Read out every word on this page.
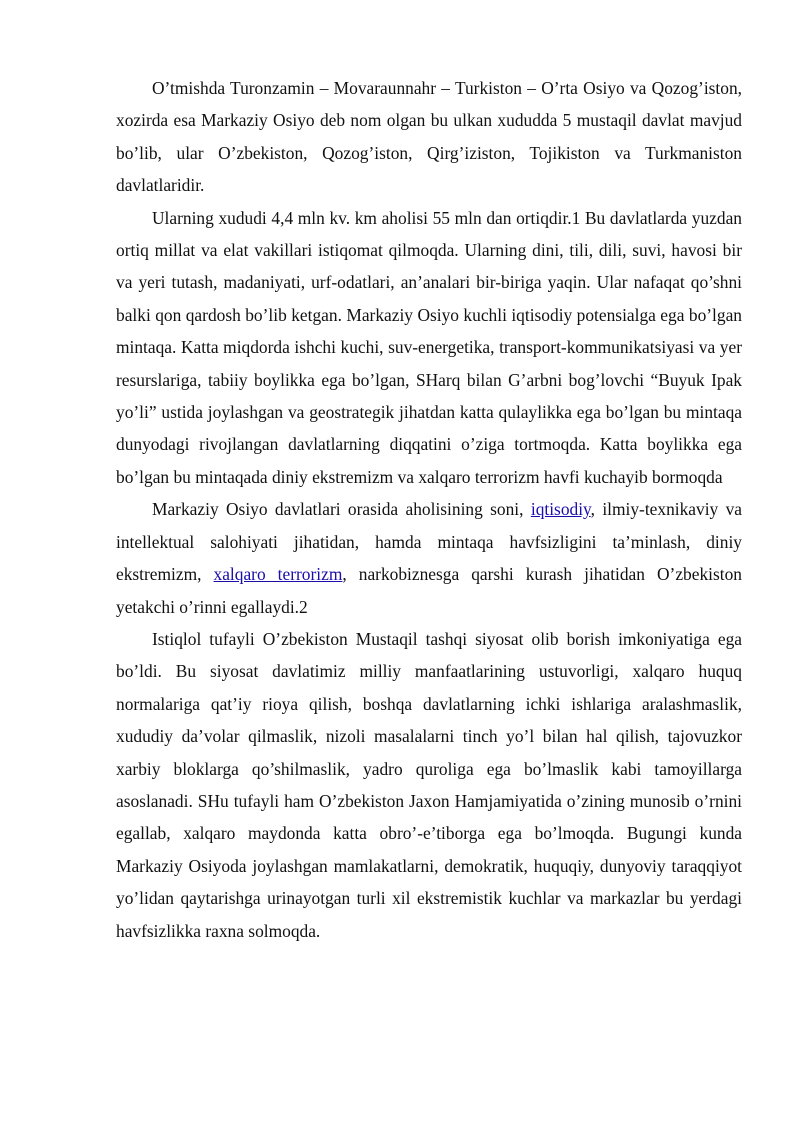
O’tmishda Turonzamin – Movaraunnahr – Turkiston – O’rta Osiyo va Qozog’iston, xozirda esa Markaziy Osiyo deb nom olgan bu ulkan xududda 5 mustaqil davlat mavjud bo’lib, ular O’zbekiston, Qozog’iston, Qirg’iziston, Tojikiston va Turkmaniston davlatlaridir.

Ularning xududi 4,4 mln kv. km aholisi 55 mln dan ortiqdir.1 Bu davlatlarda yuzdan ortiq millat va elat vakillari istiqomat qilmoqda. Ularning dini, tili, dili, suvi, havosi bir va yeri tutash, madaniyati, urf-odatlari, an’analari bir-biriga yaqin. Ular nafaqat qo’shni balki qon qardosh bo’lib ketgan. Markaziy Osiyo kuchli iqtisodiy potensialga ega bo’lgan mintaqa. Katta miqdorda ishchi kuchi, suv-energetika, transport-kommunikatsiyasi va yer resurslariga, tabiiy boylikka ega bo’lgan, SHarq bilan G’arbni bog’lovchi “Buyuk Ipak yo’li” ustida joylashgan va geostrategik jihatdan katta qulaylikka ega bo’lgan bu mintaqa dunyodagi rivojlangan davlatlarning diqqatini o’ziga tortmoqda. Katta boylikka ega bo’lgan bu mintaqada diniy ekstremizm va xalqaro terrorizm havfi kuchayib bormoqda

Markaziy Osiyo davlatlari orasida aholisining soni, iqtisodiy, ilmiy-texnikaviy va intellektual salohiyati jihatidan, hamda mintaqa havfsizligini ta’minlash, diniy ekstremizm, xalqaro terrorizm, narkobiznesga qarshi kurash jihatidan O’zbekiston yetakchi o’rinni egallaydi.2

Istiqlol tufayli O’zbekiston Mustaqil tashqi siyosat olib borish imkoniyatiga ega bo’ldi. Bu siyosat davlatimiz milliy manfaatlarining ustuvorligi, xalqaro huquq normalariga qat’iy rioya qilish, boshqa davlatlarning ichki ishlariga aralashmaslik, xududiy da’volar qilmaslik, nizoli masalalarni tinch yo’l bilan hal qilish, tajovuzkor xarbiy bloklarga qo’shilmaslik, yadro quroliga ega bo’lmaslik kabi tamoyillarga asoslanadi. SHu tufayli ham O’zbekiston Jaxon Hamjamiyatida o’zining munosib o’rnini egallab, xalqaro maydonda katta obro’-e’tiborga ega bo’lmoqda. Bugungi kunda Markaziy Osiyoda joylashgan mamlakatlarni, demokratik, huquqiy, dunyoviy taraqqiyot yo’lidan qaytarishga urinayotgan turli xil ekstremistik kuchlar va markazlar bu yerdagi havfsizlikka raxna solmoqda.
